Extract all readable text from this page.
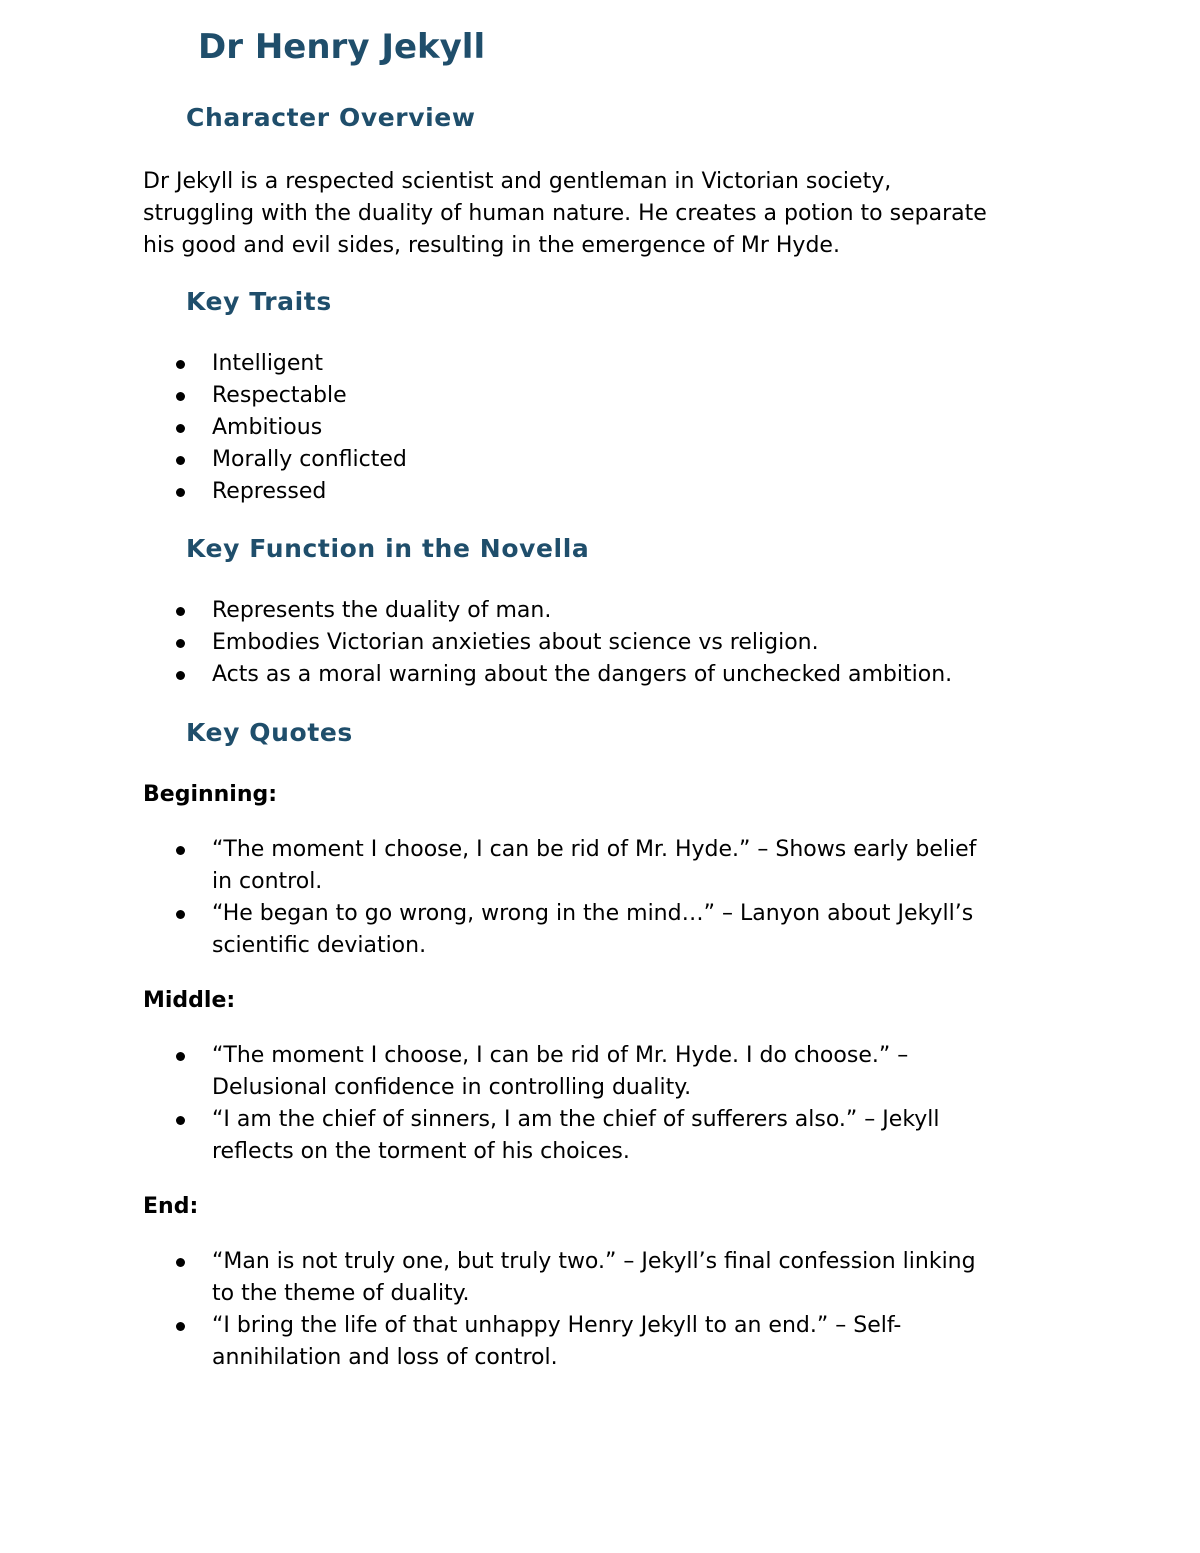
Dr Henry Jekyll
Character Overview

Dr Jekyll is a respected scientist and gentleman in Victorian society,
struggling with the duality of human nature. He creates a potion to separate
his good and evil sides, resulting in the emergence of Mr Hyde.

Key Traits
Intelligent
Respectable
Ambitious
Morally conflicted
Repressed
Key Function in the Novella
Represents the duality of man.
Embodies Victorian anxieties about science vs religion.
Acts as a moral warning about the dangers of unchecked ambition.
Key Quotes

Beginning:

“The moment I choose, I can be rid of Mr. Hyde.” – Shows early belief
in control.
“He began to go wrong, wrong in the mind…” – Lanyon about Jekyll’s
scientific deviation.

Middle:

“The moment I choose, I can be rid of Mr. Hyde. I do choose.” –
Delusional confidence in controlling duality.
“I am the chief of sinners, I am the chief of sufferers also.” – Jekyll
reflects on the torment of his choices.

End:

“Man is not truly one, but truly two.” – Jekyll’s final confession linking
to the theme of duality.
“I bring the life of that unhappy Henry Jekyll to an end.” – Self-
annihilation and loss of control.
